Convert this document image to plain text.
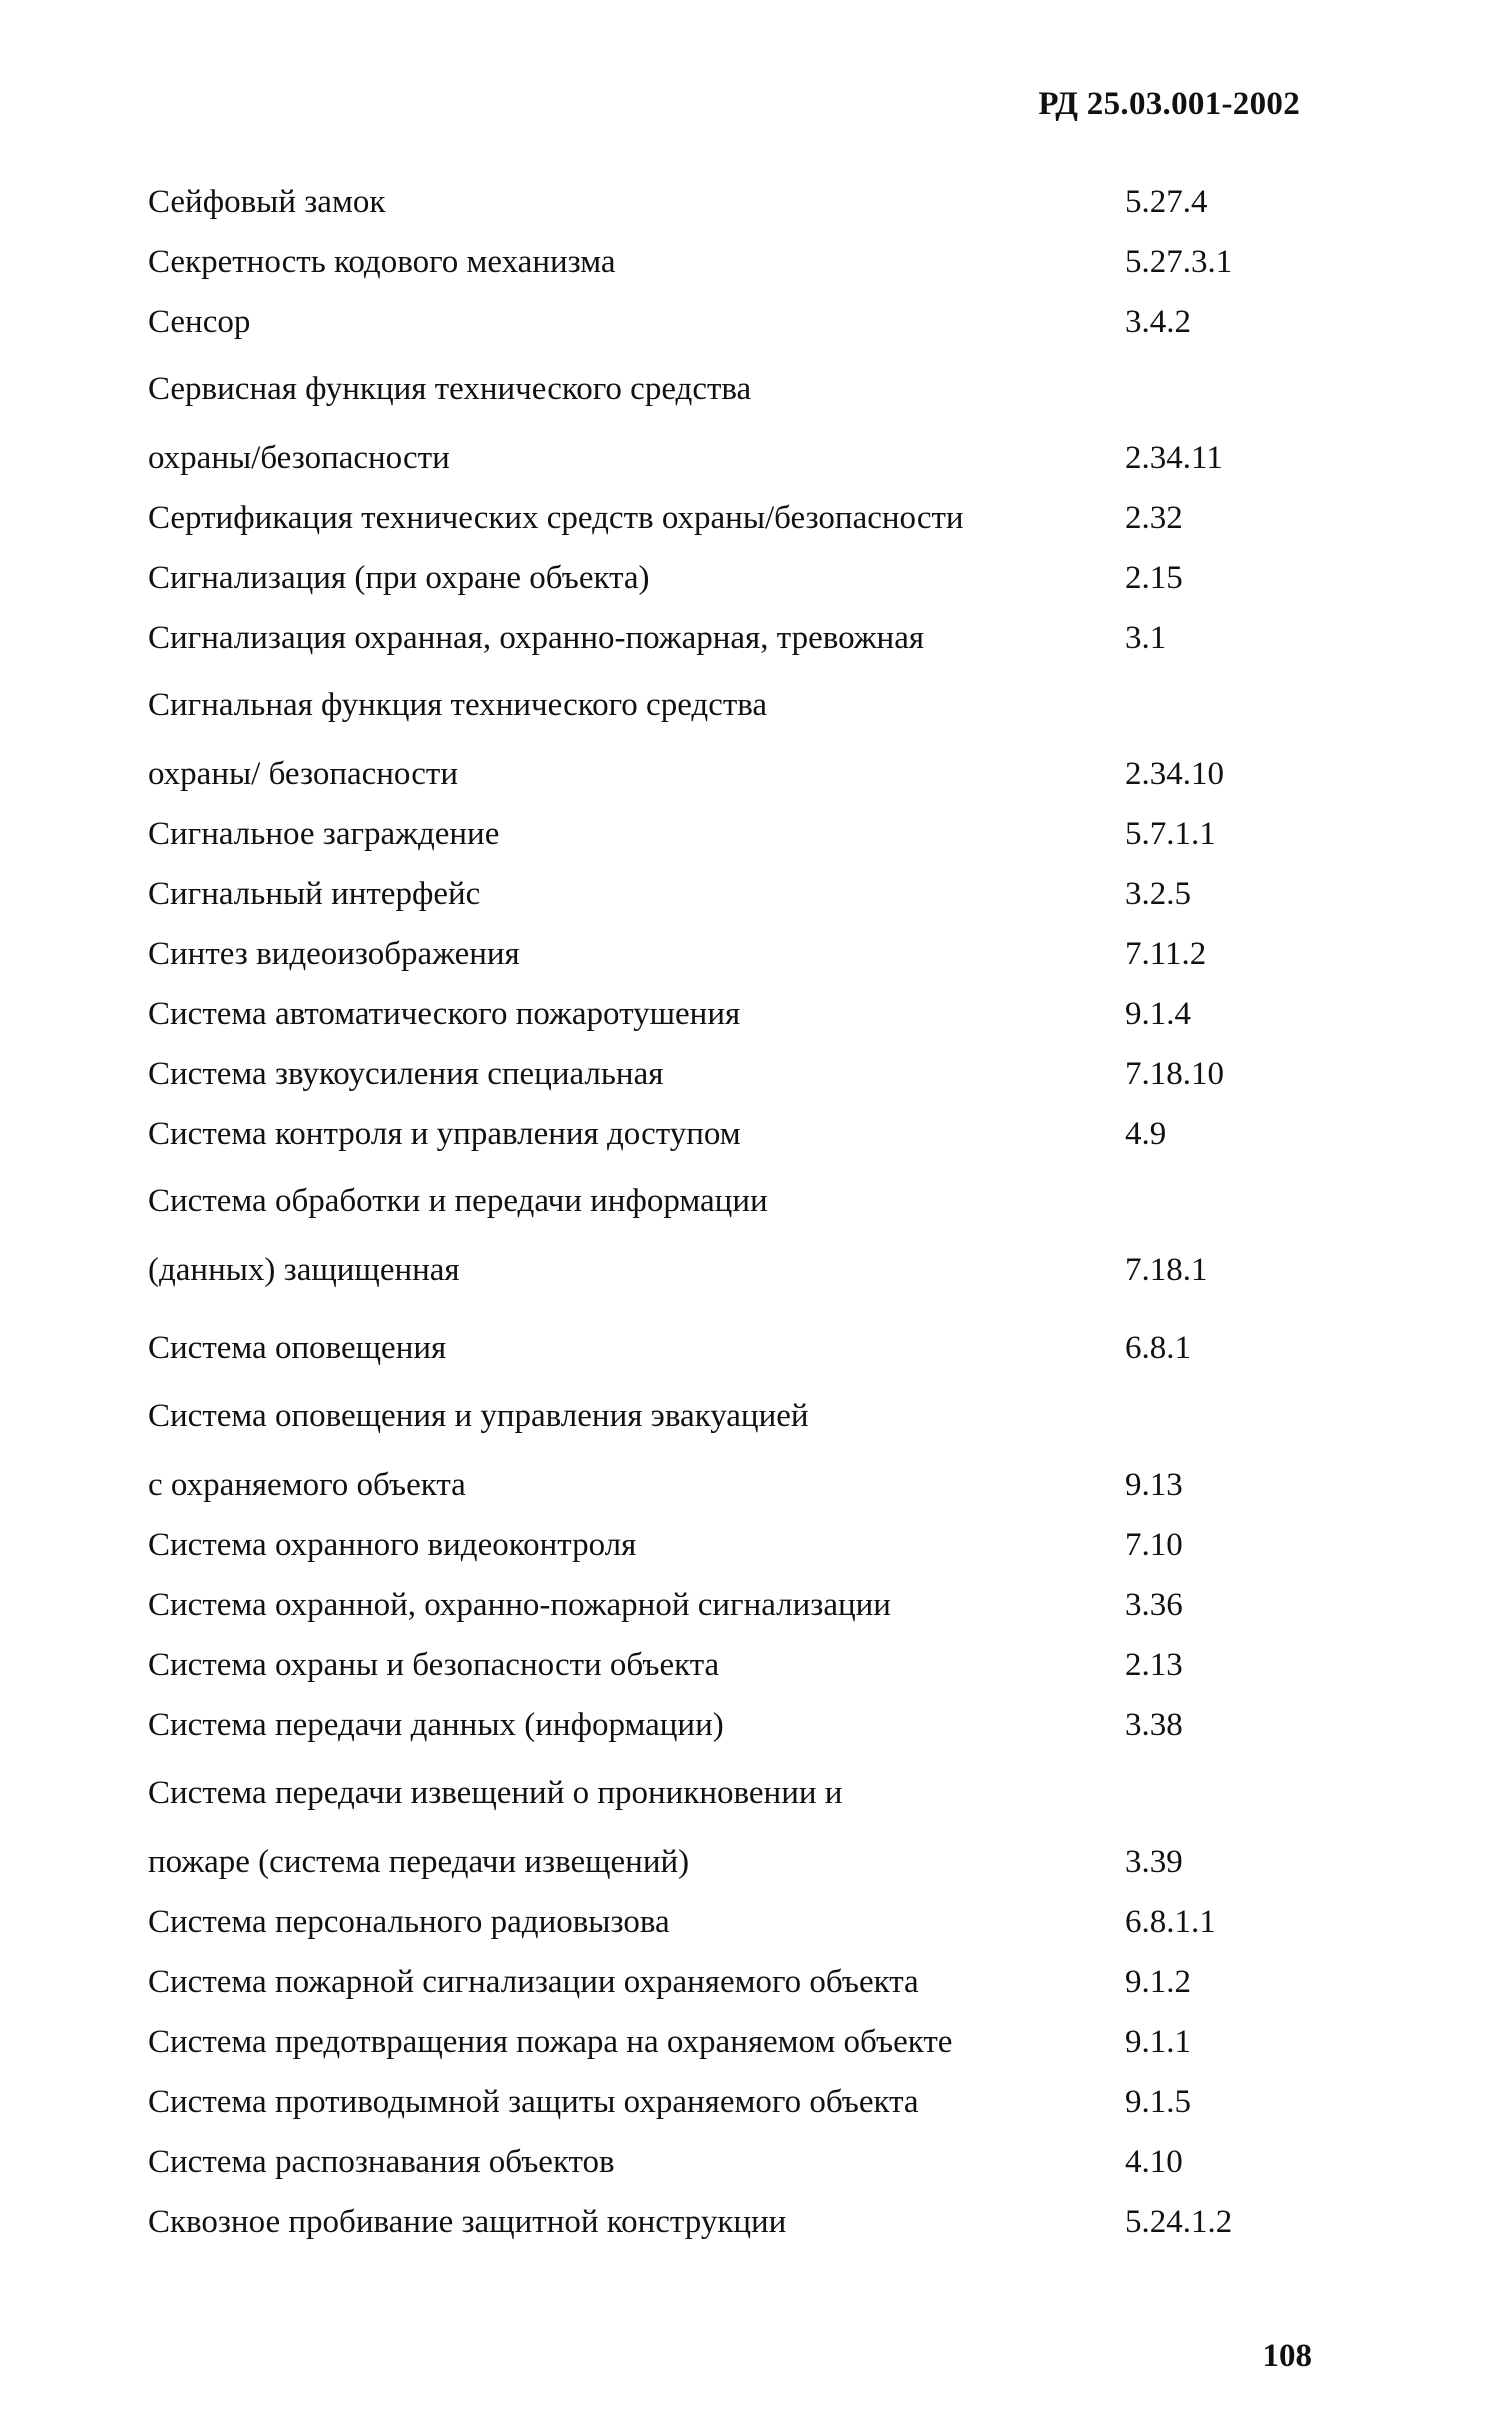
РД 25.03.001-2002
Сейфовый замок	5.27.4
Секретность кодового механизма	5.27.3.1
Сенсор	3.4.2
Сервисная функция технического средства
охраны/безопасности	2.34.11
Сертификация технических средств охраны/безопасности	2.32
Сигнализация (при охране объекта)	2.15
Сигнализация охранная, охранно-пожарная, тревожная	3.1
Сигнальная функция технического средства
охраны/ безопасности	2.34.10
Сигнальное заграждение	5.7.1.1
Сигнальный интерфейс	3.2.5
Синтез видеоизображения	7.11.2
Система автоматического пожаротушения	9.1.4
Система звукоусиления специальная	7.18.10
Система контроля и управления доступом	4.9
Система обработки и передачи информации
(данных) защищенная	7.18.1
Система оповещения	6.8.1
Система оповещения и управления эвакуацией
с охраняемого объекта	9.13
Система охранного видеоконтроля	7.10
Система охранной, охранно-пожарной сигнализации	3.36
Система охраны и безопасности объекта	2.13
Система передачи данных (информации)	3.38
Система передачи извещений о проникновении и
пожаре (система передачи извещений)	3.39
Система персонального радиовызова	6.8.1.1
Система пожарной сигнализации охраняемого объекта	9.1.2
Система предотвращения пожара на охраняемом объекте	9.1.1
Система противодымной защиты охраняемого объекта	9.1.5
Система распознавания объектов	4.10
Сквозное пробивание защитной конструкции	5.24.1.2
108
